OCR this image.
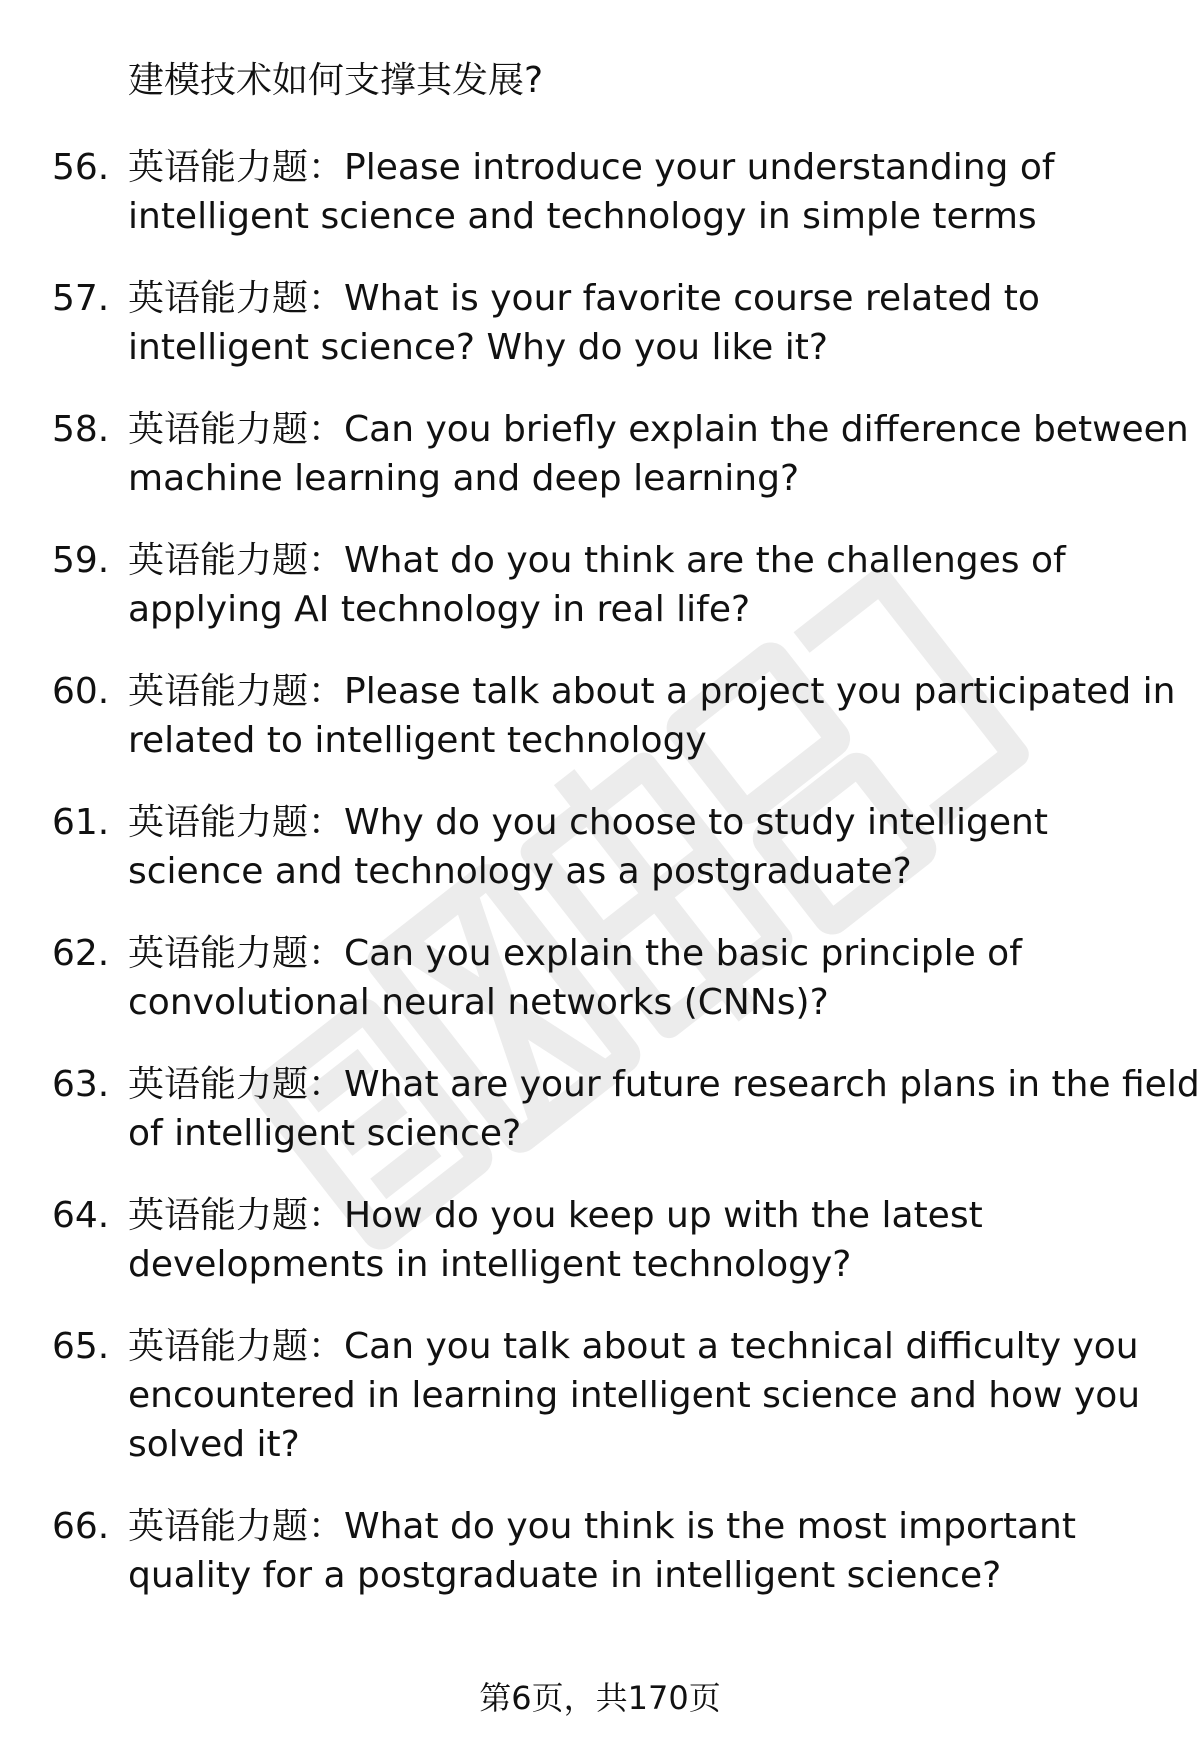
建模技术如何支撑其发展?
56. 英语能力题：Please introduce your understanding of
intelligent science and technology in simple terms
57. 英语能力题：What is your favorite course related to
intelligent science? Why do you like it?
58. 英语能力题：Can you briefly explain the difference between
machine learning and deep learning?
59. 英语能力题：What do you think are the challenges of
applying AI technology in real life?
60. 英语能力题：Please talk about a project you participated in
related to intelligent technology
61. 英语能力题：Why do you choose to study intelligent
science and technology as a postgraduate?
62. 英语能力题：Can you explain the basic principle of
convolutional neural networks (CNNs)?
63. 英语能力题：What are your future research plans in the field
of intelligent science?
64. 英语能力题：How do you keep up with the latest
developments in intelligent technology?
65. 英语能力题：Can you talk about a technical difficulty you
encountered in learning intelligent science and how you
solved it?
66. 英语能力题：What do you think is the most important
quality for a postgraduate in intelligent science?
第6页，共170页
